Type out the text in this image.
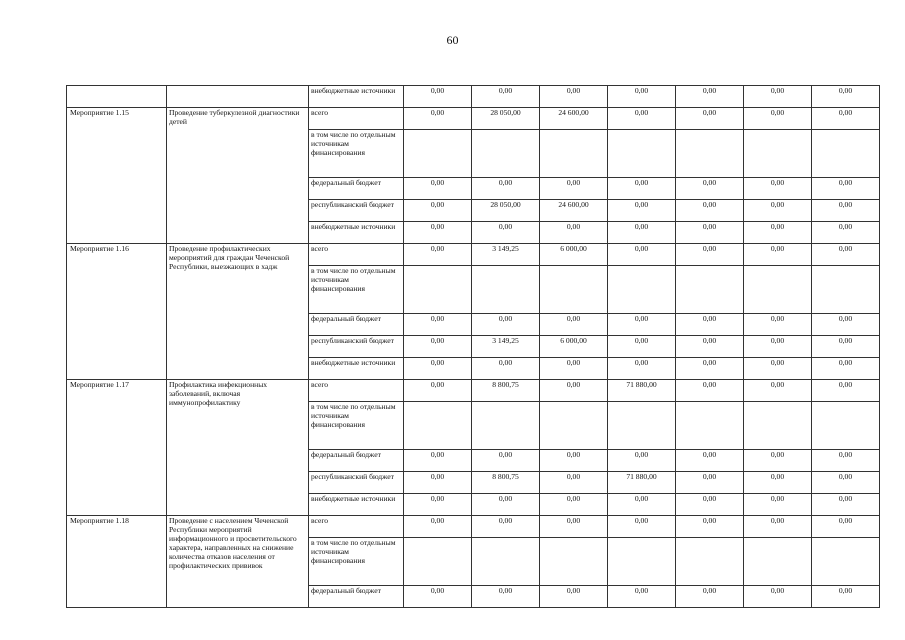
60
		внебюджетные источники	0,00	0,00	0,00	0,00	0,00	0,00	0,00
Мероприятие 1.15	Проведение туберкулезной диагностики детей	всего	0,00	28 050,00	24 600,00	0,00	0,00	0,00	0,00
		в том числе по отдельным источникам финансирования							
		федеральный бюджет	0,00	0,00	0,00	0,00	0,00	0,00	0,00
		республиканский бюджет	0,00	28 050,00	24 600,00	0,00	0,00	0,00	0,00
		внебюджетные источники	0,00	0,00	0,00	0,00	0,00	0,00	0,00
Мероприятие 1.16	Проведение профилактических мероприятий для граждан Чеченской Республики, выезжающих в хадж	всего	0,00	3 149,25	6 000,00	0,00	0,00	0,00	0,00
		в том числе по отдельным источникам финансирования							
		федеральный бюджет	0,00	0,00	0,00	0,00	0,00	0,00	0,00
		республиканский бюджет	0,00	3 149,25	6 000,00	0,00	0,00	0,00	0,00
		внебюджетные источники	0,00	0,00	0,00	0,00	0,00	0,00	0,00
Мероприятие 1.17	Профилактика инфекционных заболеваний, включая иммунопрофилактику	всего	0,00	8 800,75	0,00	71 880,00	0,00	0,00	0,00
		в том числе по отдельным источникам финансирования							
		федеральный бюджет	0,00	0,00	0,00	0,00	0,00	0,00	0,00
		республиканский бюджет	0,00	8 800,75	0,00	71 880,00	0,00	0,00	0,00
		внебюджетные источники	0,00	0,00	0,00	0,00	0,00	0,00	0,00
Мероприятие 1.18	Проведение с населением Чеченской Республики мероприятий информационного и просветительского характера, направленных на снижение количества отказов населения от профилактических прививок	всего	0,00	0,00	0,00	0,00	0,00	0,00	0,00
		в том числе по отдельным источникам финансирования							
		федеральный бюджет	0,00	0,00	0,00	0,00	0,00	0,00	0,00
